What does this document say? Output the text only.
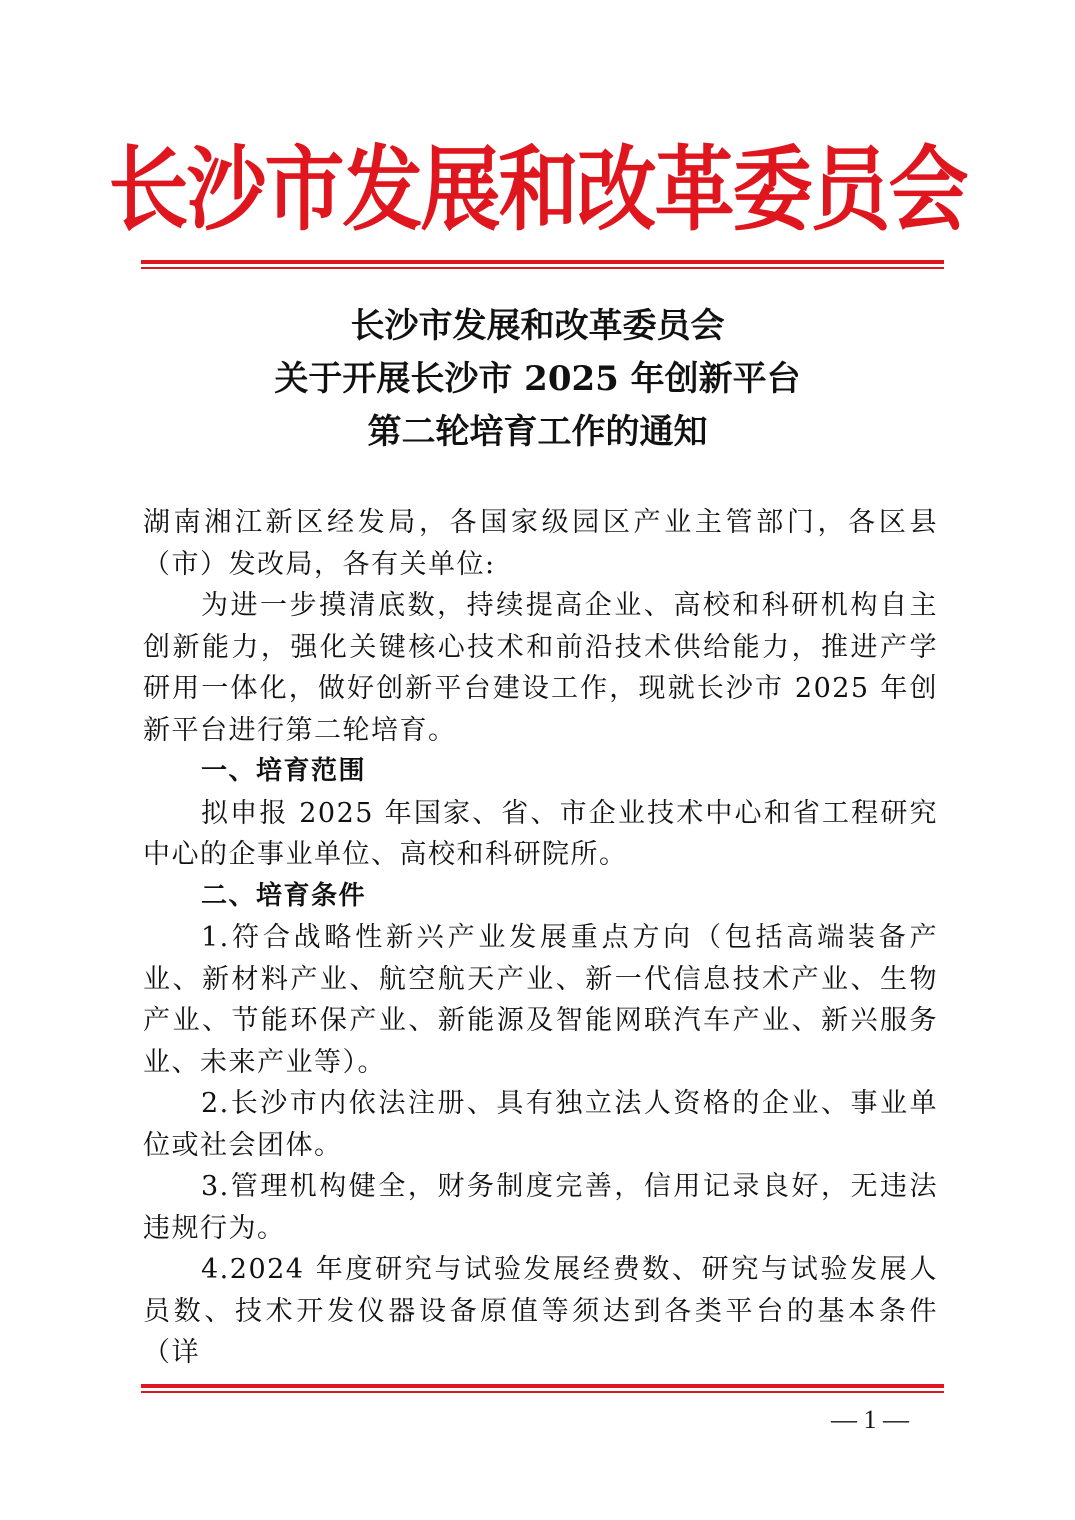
长沙市发展和改革委员会
长沙市发展和改革委员会
关于开展长沙市 2025 年创新平台
第二轮培育工作的通知

湖南湘江新区经发局，各国家级园区产业主管部门，各区县（市）发改局，各有关单位:

为进一步摸清底数，持续提高企业、高校和科研机构自主创新能力，强化关键核心技术和前沿技术供给能力，推进产学研用一体化，做好创新平台建设工作，现就长沙市 2025 年创新平台进行第二轮培育。

一、培育范围

拟申报 2025 年国家、省、市企业技术中心和省工程研究中心的企事业单位、高校和科研院所。

二、培育条件

1.符合战略性新兴产业发展重点方向（包括高端装备产业、新材料产业、航空航天产业、新一代信息技术产业、生物产业、节能环保产业、新能源及智能网联汽车产业、新兴服务业、未来产业等）。

2.长沙市内依法注册、具有独立法人资格的企业、事业单位或社会团体。

3.管理机构健全，财务制度完善，信用记录良好，无违法违规行为。

4.2024 年度研究与试验发展经费数、研究与试验发展人员数、技术开发仪器设备原值等须达到各类平台的基本条件（详

— 1 —
